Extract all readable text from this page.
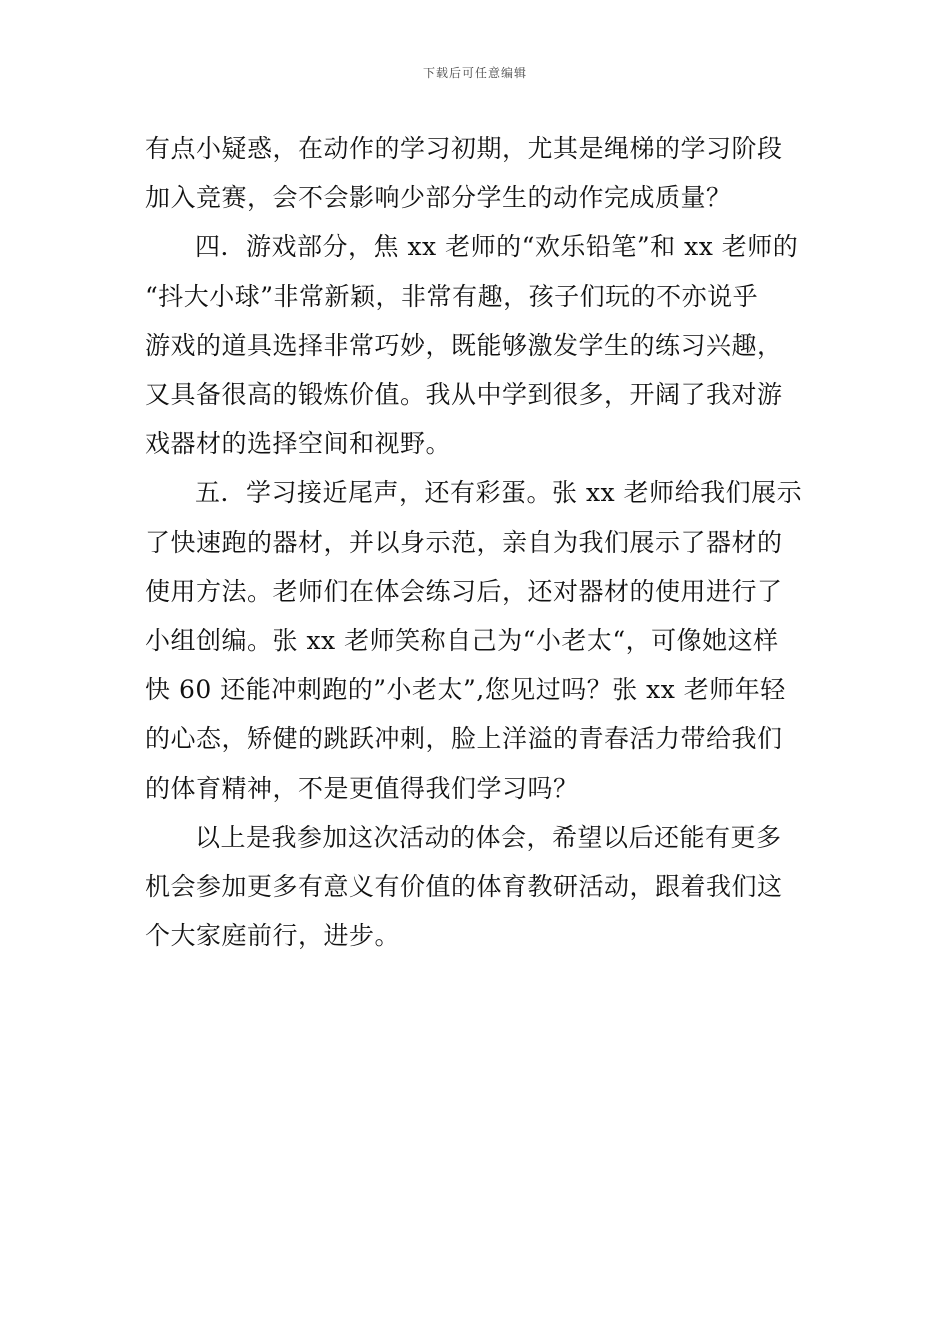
下载后可任意编辑

有点小疑惑，在动作的学习初期，尤其是绳梯的学习阶段
加入竞赛，会不会影响少部分学生的动作完成质量？

四．游戏部分，焦 xx 老师的“欢乐铅笔”和 xx 老师的
“抖大小球”非常新颖，非常有趣，孩子们玩的不亦说乎
游戏的道具选择非常巧妙，既能够激发学生的练习兴趣，
又具备很高的锻炼价值。我从中学到很多，开阔了我对游
戏器材的选择空间和视野。

五．学习接近尾声，还有彩蛋。张 xx 老师给我们展示
了快速跑的器材，并以身示范，亲自为我们展示了器材的
使用方法。老师们在体会练习后，还对器材的使用进行了
小组创编。张 xx 老师笑称自己为“小老太“，可像她这样
快 60 还能冲刺跑的”小老太”,您见过吗？张 xx 老师年轻
的心态，矫健的跳跃冲刺，脸上洋溢的青春活力带给我们
的体育精神，不是更值得我们学习吗？

以上是我参加这次活动的体会，希望以后还能有更多
机会参加更多有意义有价值的体育教研活动，跟着我们这
个大家庭前行，进步。
